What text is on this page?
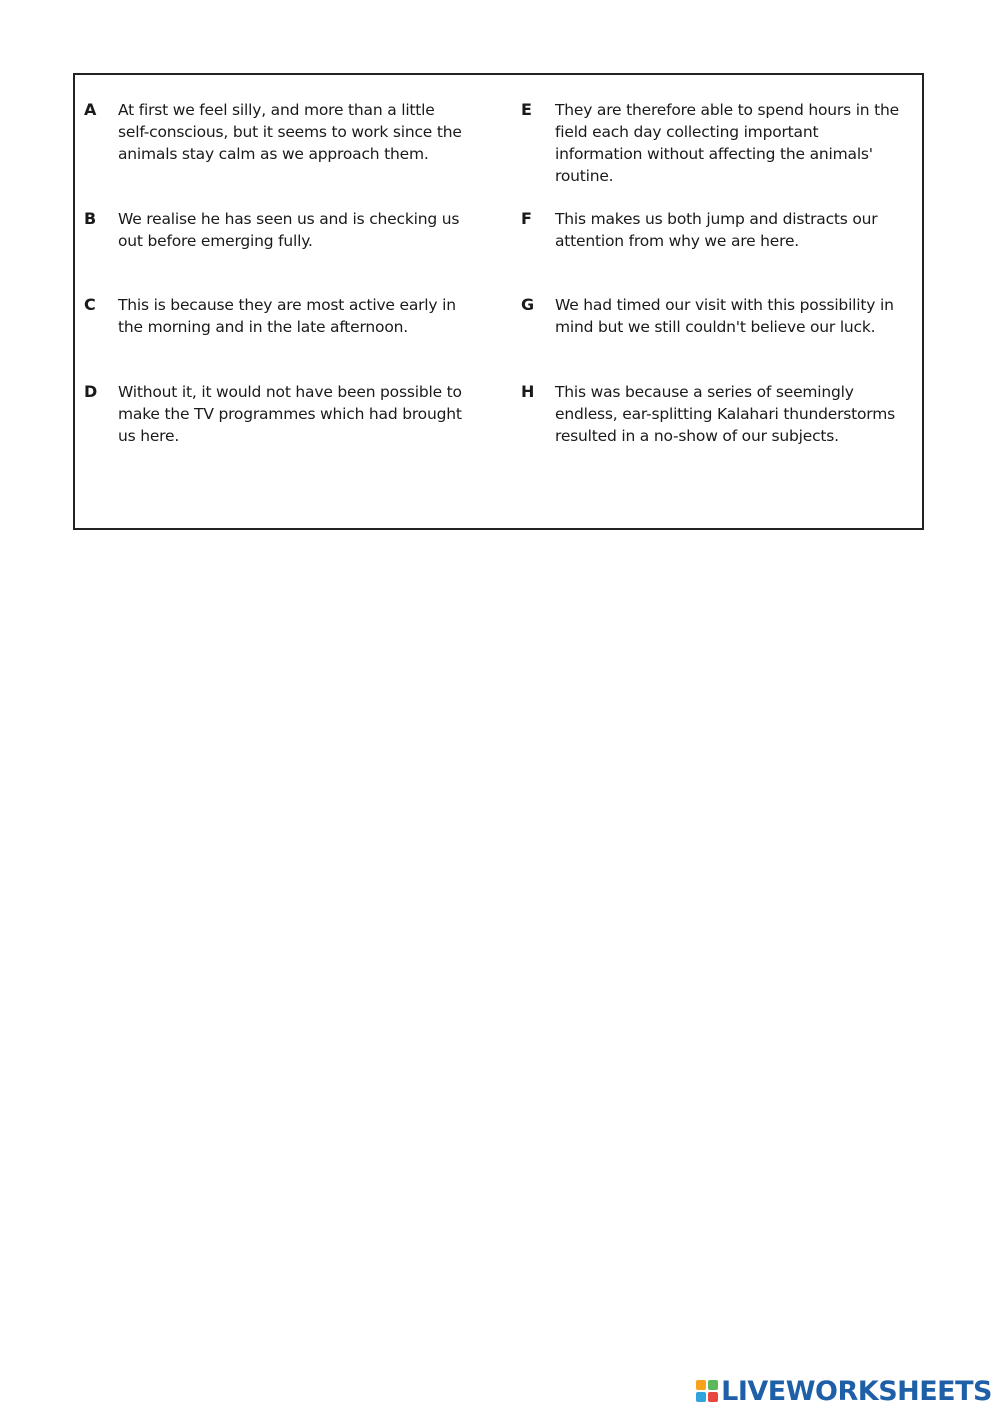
A	At first we feel silly, and more than a little self-conscious, but it seems to work since the animals stay calm as we approach them.
B	We realise he has seen us and is checking us out before emerging fully.
C	This is because they are most active early in the morning and in the late afternoon.
D	Without it, it would not have been possible to make the TV programmes which had brought us here.
E	They are therefore able to spend hours in the field each day collecting important information without affecting the animals' routine.
F	This makes us both jump and distracts our attention from why we are here.
G	We had timed our visit with this possibility in mind but we still couldn't believe our luck.
H	This was because a series of seemingly endless, ear-splitting Kalahari thunderstorms resulted in a no-show of our subjects.
LIVEWORKSHEETS
